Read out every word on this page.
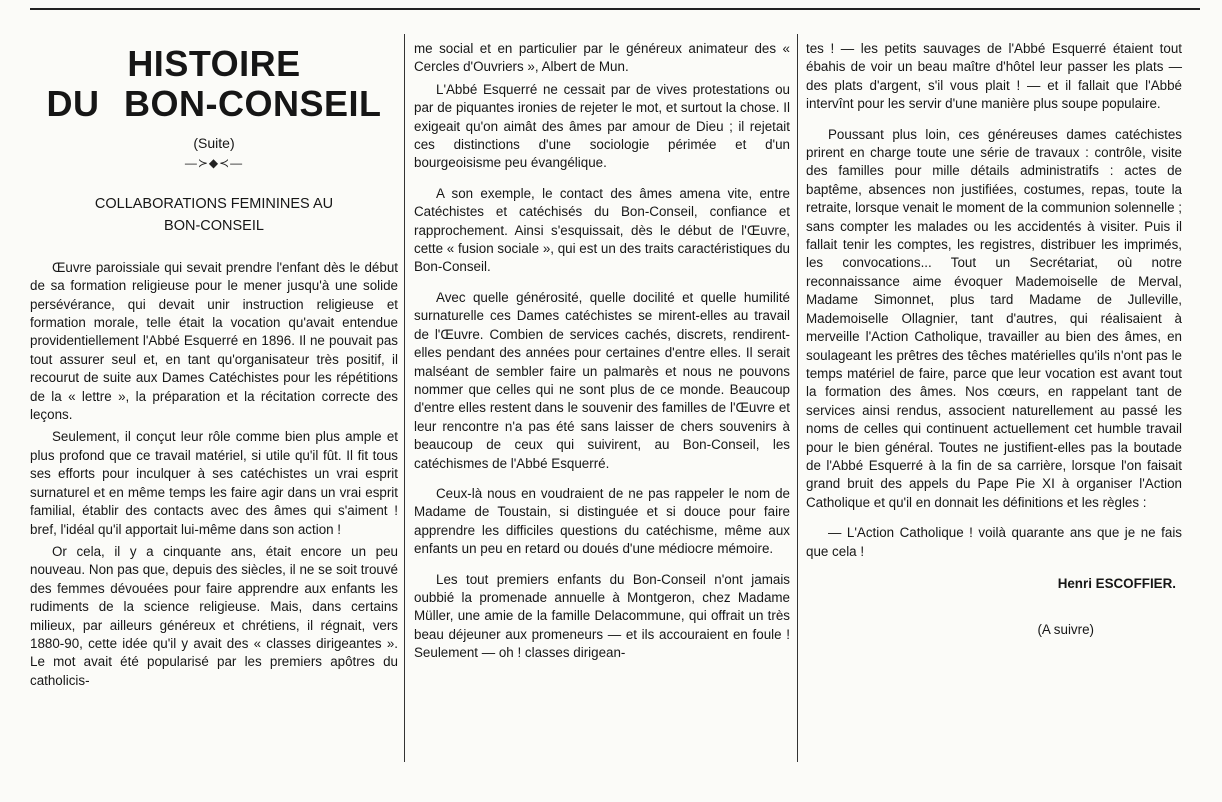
HISTOIRE
DU BON-CONSEIL
(Suite)
—≻◆≺—
COLLABORATIONS FEMININES AU
BON-CONSEIL

Œuvre paroissiale qui sevait prendre l'enfant dès le début de sa formation religieuse pour le mener jusqu'à une solide persévérance, qui devait unir instruction religieuse et formation morale, telle était la vocation qu'avait entendue providentiellement l'Abbé Esquerré en 1896. Il ne pouvait pas tout assurer seul et, en tant qu'organisateur très positif, il recourut de suite aux Dames Catéchistes pour les répétitions de la « lettre », la préparation et la récitation correcte des leçons.

Seulement, il conçut leur rôle comme bien plus ample et plus profond que ce travail matériel, si utile qu'il fût. Il fit tous ses efforts pour inculquer à ses catéchistes un vrai esprit surnaturel et en même temps les faire agir dans un vrai esprit familial, établir des contacts avec des âmes qui s'aiment ! bref, l'idéal qu'il apportait lui-même dans son action !

Or cela, il y a cinquante ans, était encore un peu nouveau. Non pas que, depuis des siècles, il ne se soit trouvé des femmes dévouées pour faire apprendre aux enfants les rudiments de la science religieuse. Mais, dans certains milieux, par ailleurs généreux et chrétiens, il régnait, vers 1880-90, cette idée qu'il y avait des « classes dirigeantes ». Le mot avait été popularisé par les premiers apôtres du catholicis-

me social et en particulier par le généreux animateur des « Cercles d'Ouvriers », Albert de Mun.

L'Abbé Esquerré ne cessait par de vives protestations ou par de piquantes ironies de rejeter le mot, et surtout la chose. Il exigeait qu'on aimât des âmes par amour de Dieu ; il rejetait ces distinctions d'une sociologie périmée et d'un bourgeoisisme peu évangélique.

A son exemple, le contact des âmes amena vite, entre Catéchistes et catéchisés du Bon-Conseil, confiance et rapprochement. Ainsi s'esquissait, dès le début de l'Œuvre, cette « fusion sociale », qui est un des traits caractéristiques du Bon-Conseil.

Avec quelle générosité, quelle docilité et quelle humilité surnaturelle ces Dames catéchistes se mirent-elles au travail de l'Œuvre. Combien de services cachés, discrets, rendirent-elles pendant des années pour certaines d'entre elles. Il serait malséant de sembler faire un palmarès et nous ne pouvons nommer que celles qui ne sont plus de ce monde. Beaucoup d'entre elles restent dans le souvenir des familles de l'Œuvre et leur rencontre n'a pas été sans laisser de chers souvenirs à beaucoup de ceux qui suivirent, au Bon-Conseil, les catéchismes de l'Abbé Esquerré.

Ceux-là nous en voudraient de ne pas rappeler le nom de Madame de Toustain, si distinguée et si douce pour faire apprendre les difficiles questions du catéchisme, même aux enfants un peu en retard ou doués d'une médiocre mémoire.

Les tout premiers enfants du Bon-Conseil n'ont jamais oubbié la promenade annuelle à Montgeron, chez Madame Müller, une amie de la famille Delacommune, qui offrait un très beau déjeuner aux promeneurs — et ils accouraient en foule ! Seulement — oh ! classes dirigean-

tes ! — les petits sauvages de l'Abbé Esquerré étaient tout ébahis de voir un beau maître d'hôtel leur passer les plats — des plats d'argent, s'il vous plait ! — et il fallait que l'Abbé intervînt pour les servir d'une manière plus soupe populaire.

Poussant plus loin, ces généreuses dames catéchistes prirent en charge toute une série de travaux : contrôle, visite des familles pour mille détails administratifs : actes de baptême, absences non justifiées, costumes, repas, toute la retraite, lorsque venait le moment de la communion solennelle ; sans compter les malades ou les accidentés à visiter. Puis il fallait tenir les comptes, les registres, distribuer les imprimés, les convocations... Tout un Secrétariat, où notre reconnaissance aime évoquer Mademoiselle de Merval, Madame Simonnet, plus tard Madame de Julleville, Mademoiselle Ollagnier, tant d'autres, qui réalisaient à merveille l'Action Catholique, travailler au bien des âmes, en soulageant les prêtres des têches matérielles qu'ils n'ont pas le temps matériel de faire, parce que leur vocation est avant tout la formation des âmes. Nos cœurs, en rappelant tant de services ainsi rendus, associent naturellement au passé les noms de celles qui continuent actuellement cet humble travail pour le bien général. Toutes ne justifient-elles pas la boutade de l'Abbé Esquerré à la fin de sa carrière, lorsque l'on faisait grand bruit des appels du Pape Pie XI à organiser l'Action Catholique et qu'il en donnait les définitions et les règles :

— L'Action Catholique ! voilà quarante ans que je ne fais que cela !

Henri ESCOFFIER.
(A suivre)
